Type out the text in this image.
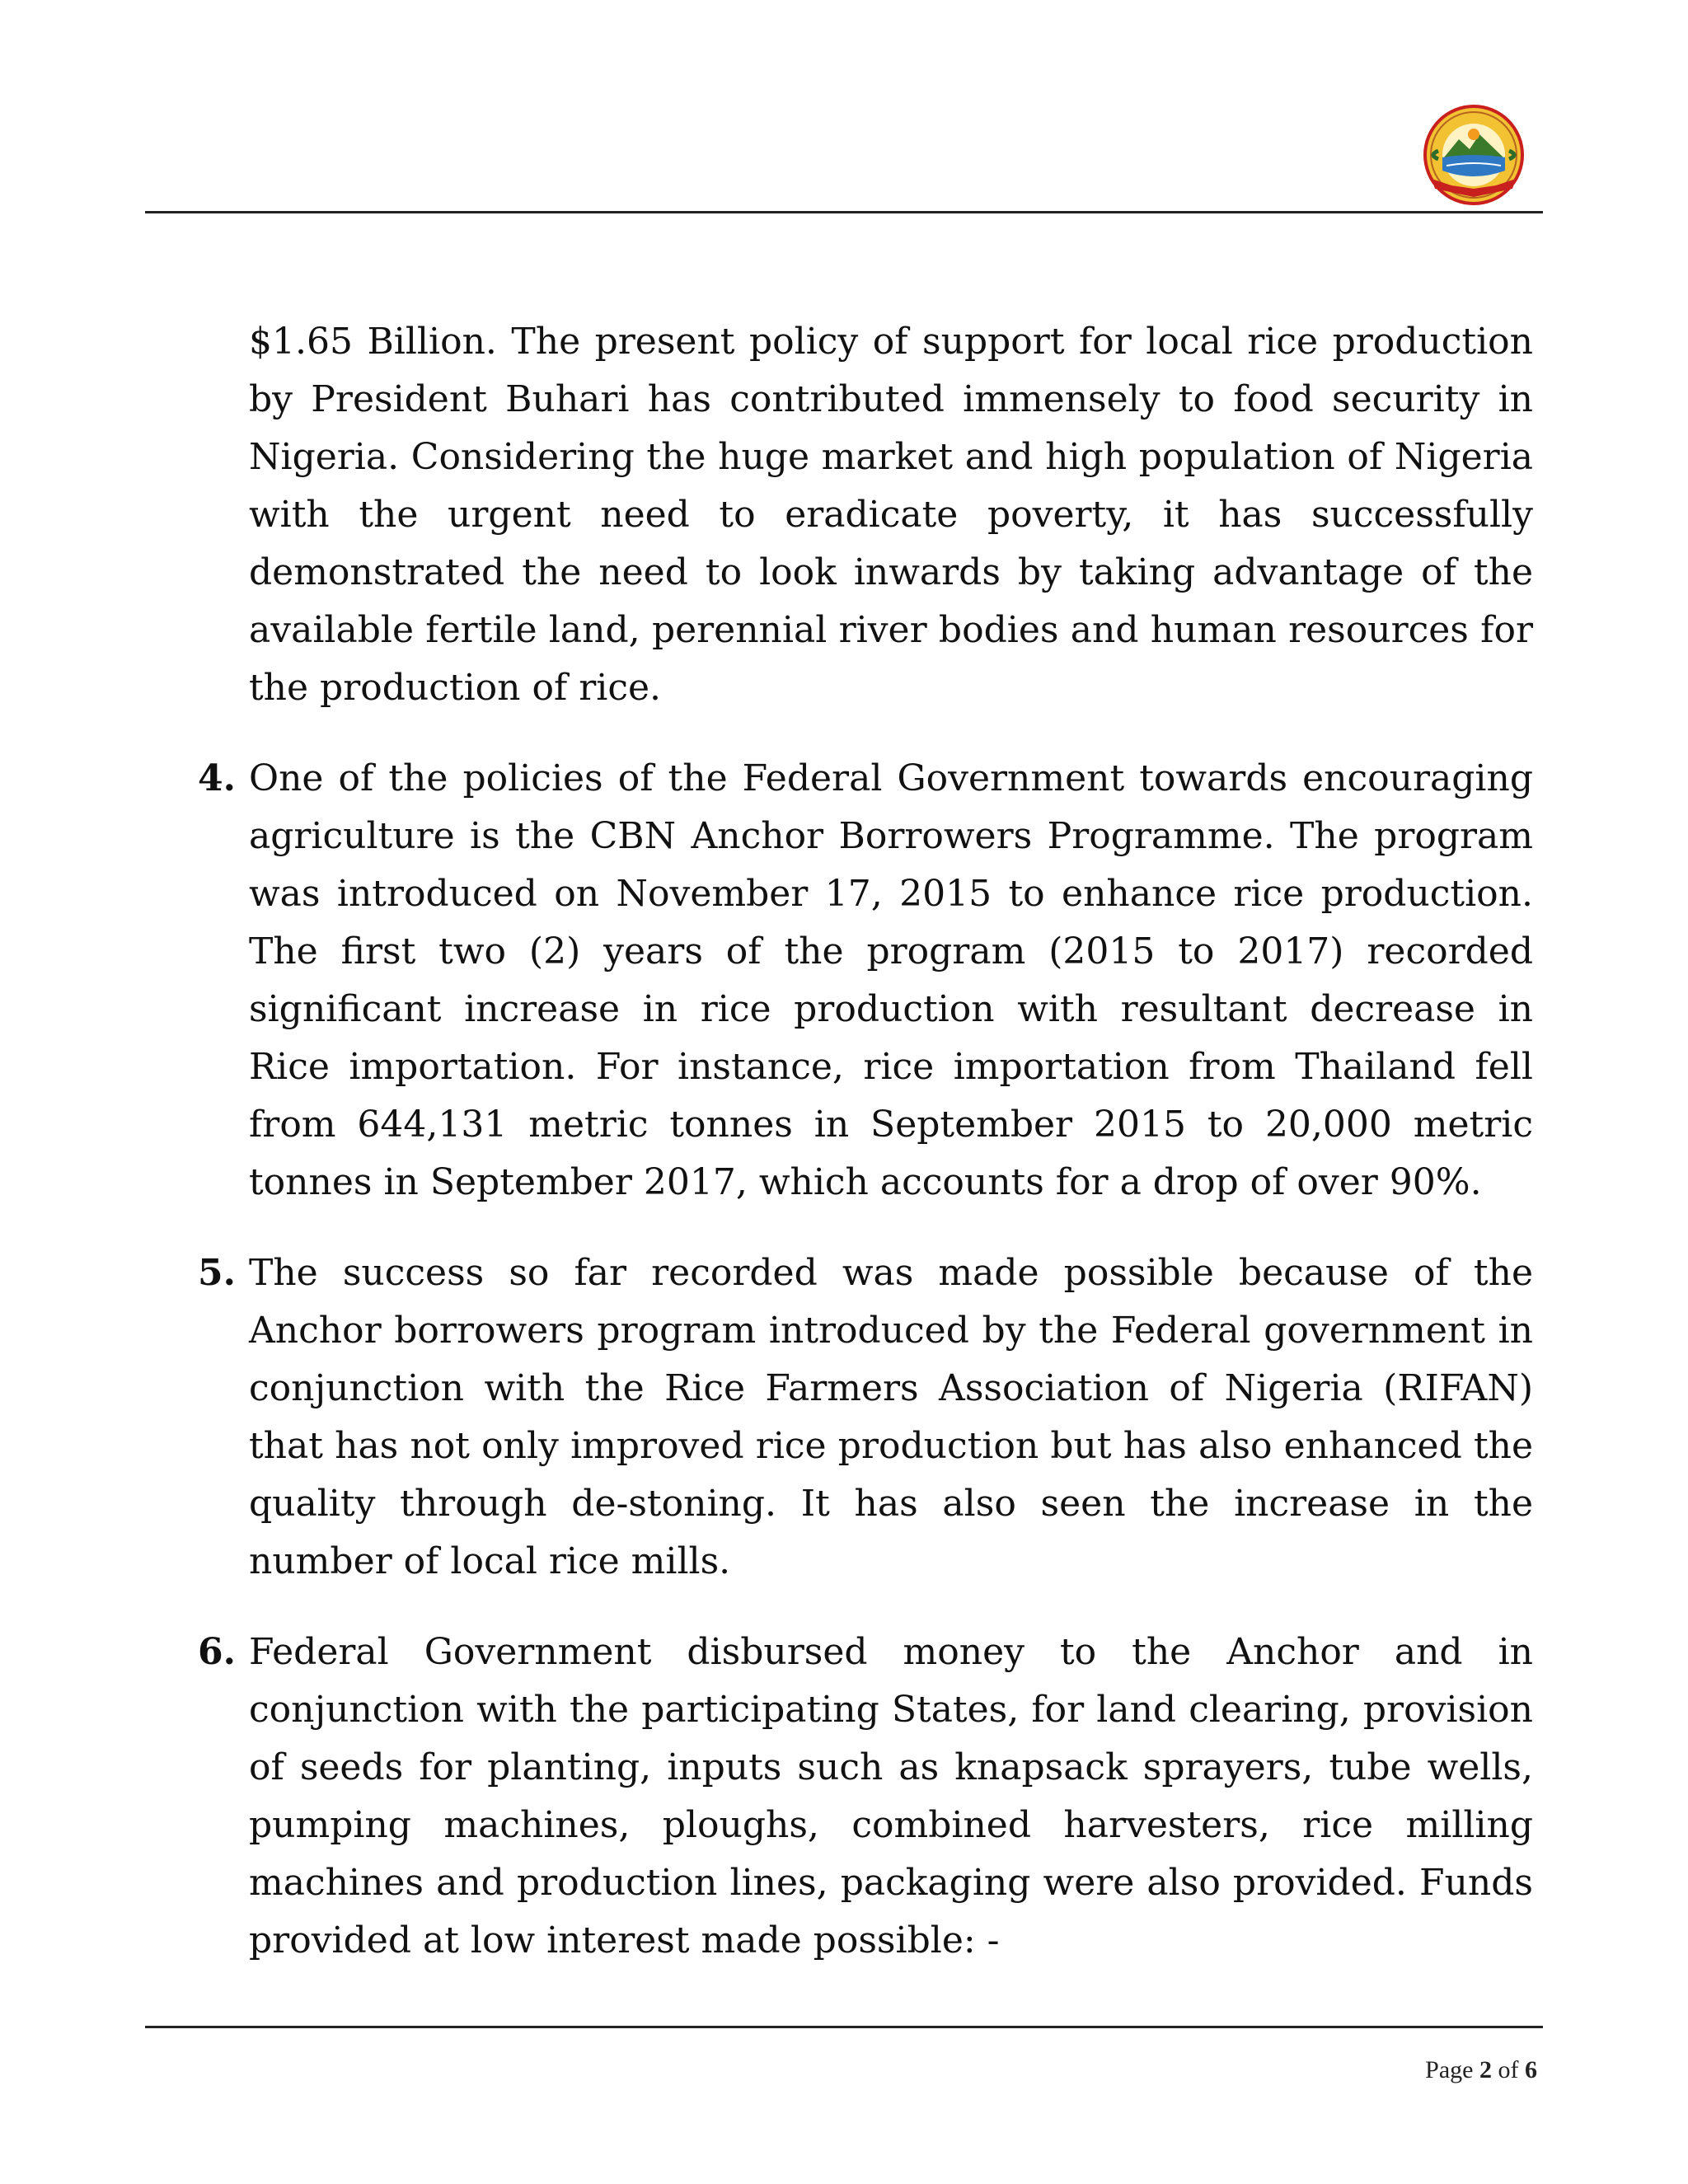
$1.65 Billion. The present policy of support for local rice production by President Buhari has contributed immensely to food security in Nigeria. Considering the huge market and high population of Nigeria with the urgent need to eradicate poverty, it has successfully demonstrated the need to look inwards by taking advantage of the available fertile land, perennial river bodies and human resources for the production of rice.

4. One of the policies of the Federal Government towards encouraging agriculture is the CBN Anchor Borrowers Programme. The program was introduced on November 17, 2015 to enhance rice production. The first two (2) years of the program (2015 to 2017) recorded significant increase in rice production with resultant decrease in Rice importation. For instance, rice importation from Thailand fell from 644,131 metric tonnes in September 2015 to 20,000 metric tonnes in September 2017, which accounts for a drop of over 90%.

5. The success so far recorded was made possible because of the Anchor borrowers program introduced by the Federal government in conjunction with the Rice Farmers Association of Nigeria (RIFAN) that has not only improved rice production but has also enhanced the quality through de-stoning. It has also seen the increase in the number of local rice mills.

6. Federal Government disbursed money to the Anchor and in conjunction with the participating States, for land clearing, provision of seeds for planting, inputs such as knapsack sprayers, tube wells, pumping machines, ploughs, combined harvesters, rice milling machines and production lines, packaging were also provided. Funds provided at low interest made possible: -

Page 2 of 6
